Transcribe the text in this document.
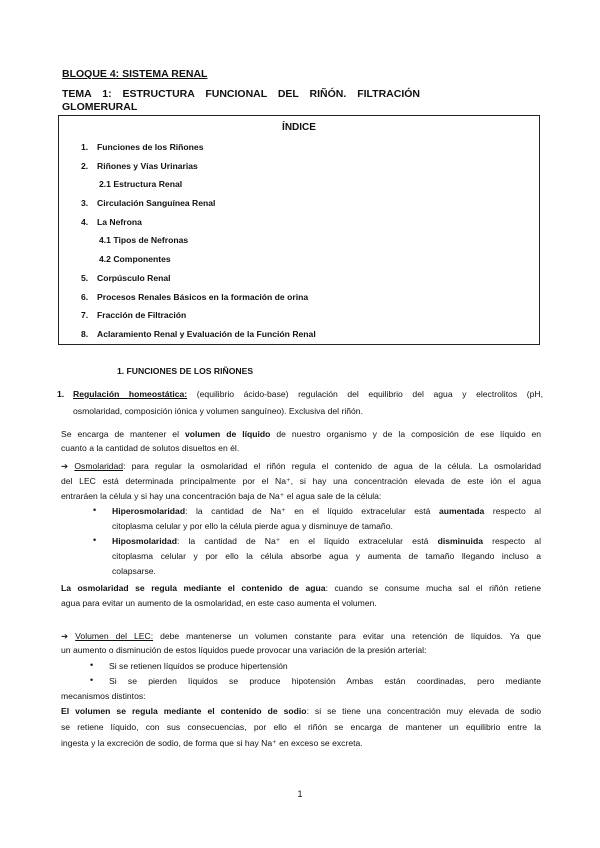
BLOQUE 4: SISTEMA RENAL
TEMA 1: ESTRUCTURA FUNCIONAL DEL RIÑÓN. FILTRACIÓN
GLOMERURAL
ÍNDICE
1. Funciones de los Riñones
2. Riñones y Vías Urinarias
2.1 Estructura Renal
3. Circulación Sanguínea Renal
4. La Nefrona
4.1 Tipos de Nefronas
4.2 Componentes
5. Corpúsculo Renal
6. Procesos Renales Básicos en la formación de orina
7. Fracción de Filtración
8. Aclaramiento Renal y Evaluación de la Función Renal
1. FUNCIONES DE LOS RIÑONES
1. Regulación homeostática: (equilibrio ácido-base) regulación del equilibrio del agua y electrolitos (pH,
osmolaridad, composición iónica y volumen sanguíneo). Exclusiva del riñón.
Se encarga de mantener el volumen de líquido de nuestro organismo y de la composición de ese líquido en
cuanto a la cantidad de solutos disueltos en él.
➔ Osmolaridad: para regular la osmolaridad el riñón regula el contenido de agua de la célula. La osmolaridad
del LEC está determinada principalmente por el Na⁺, si hay una concentración elevada de este ión el agua
entraráen la célula y si hay una concentración baja de Na⁺ el agua sale de la célula:
• Hiperosmolaridad: la cantidad de Na⁺ en el líquido extracelular está aumentada respecto al
citoplasma celular y por ello la célula pierde agua y disminuye de tamaño.
• Hiposmolaridad: la cantidad de Na⁺ en el líquido extracelular está disminuida respecto al
citoplasma celular y por ello la célula absorbe agua y aumenta de tamaño llegando incluso a
colapsarse.
La osmolaridad se regula mediante el contenido de agua: cuando se consume mucha sal el riñón retiene
agua para evitar un aumento de la osmolaridad, en este caso aumenta el volumen.
➔ Volumen del LEC: debe mantenerse un volumen constante para evitar una retención de líquidos. Ya que
un aumento o disminución de estos líquidos puede provocar una variación de la presión arterial:
• Si se retienen líquidos se produce hipertensión
• Si se pierden líquidos se produce hipotensión Ambas están coordinadas, pero mediante
mecanismos distintos:
El volumen se regula mediante el contenido de sodio: si se tiene una concentración muy elevada de sodio
se retiene líquido, con sus consecuencias, por ello el riñón se encarga de mantener un equilibrio entre la
ingesta y la excreción de sodio, de forma que si hay Na⁺ en exceso se excreta.
1
